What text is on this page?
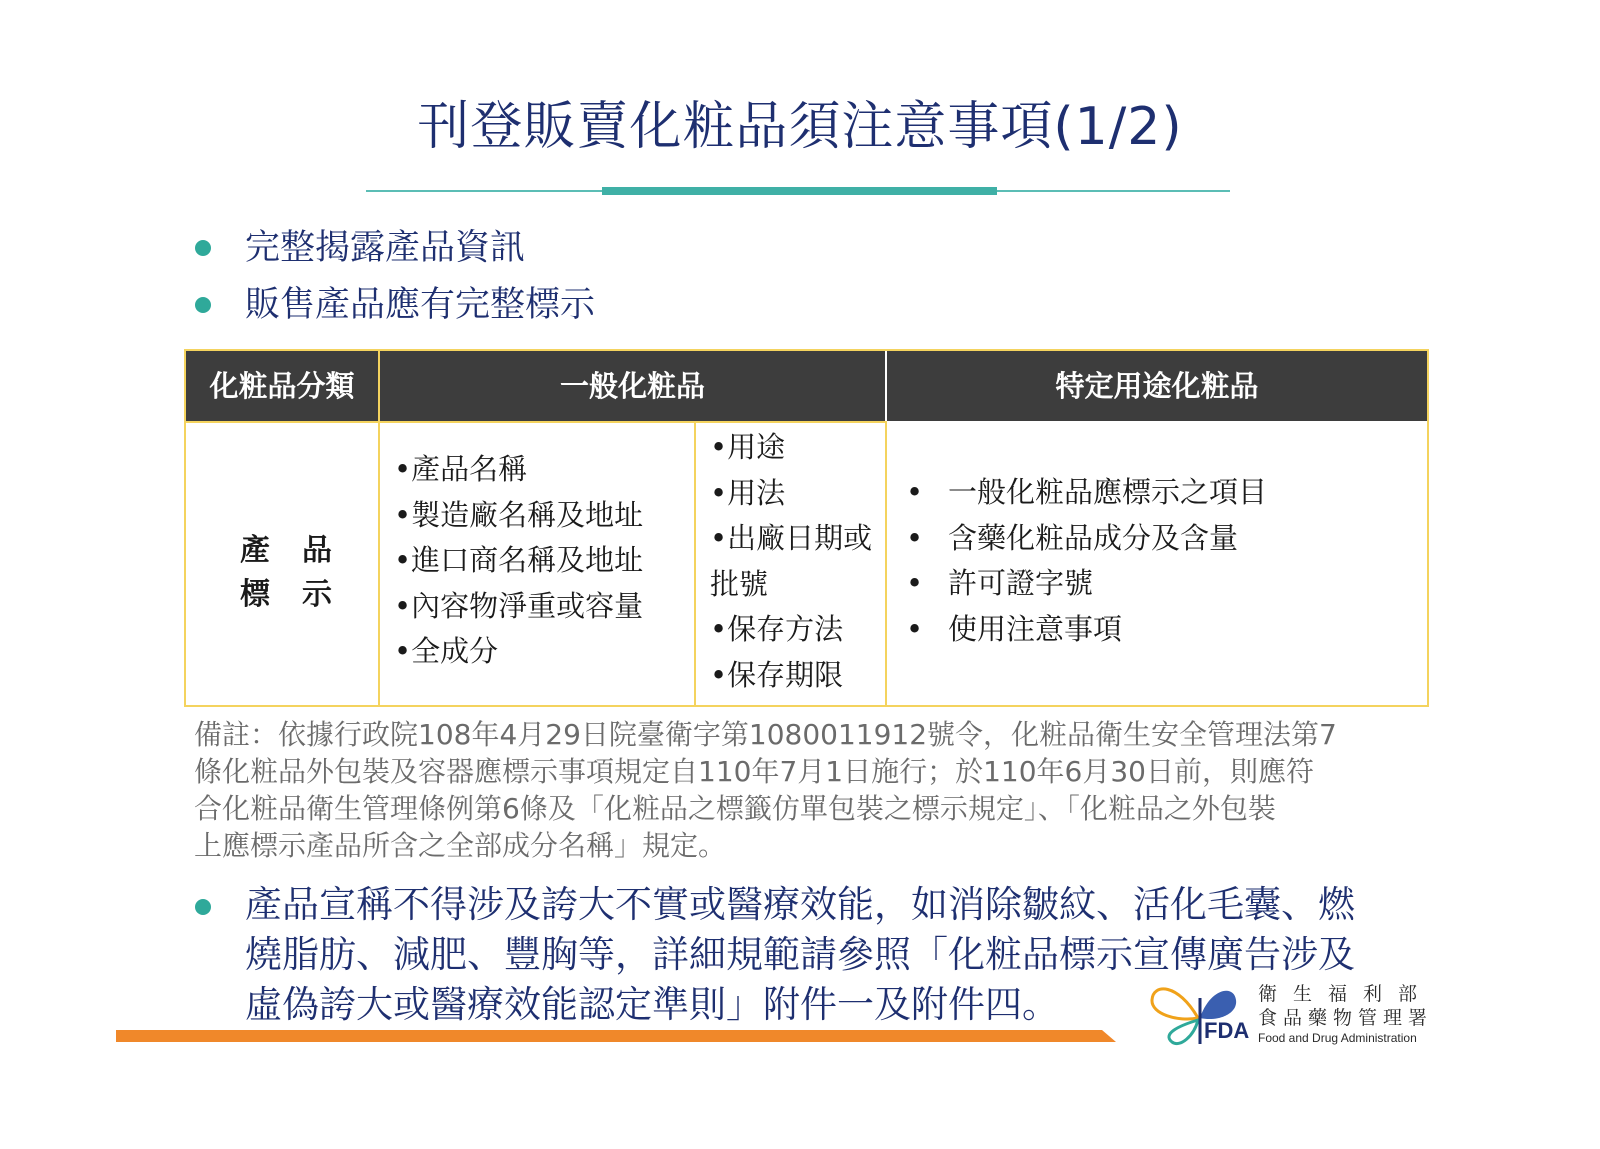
刊登販賣化粧品須注意事項(1/2)
完整揭露產品資訊
販售產品應有完整標示
化粧品分類	一般化粧品	特定用途化粧品
產 品
標 示
•產品名稱
•製造廠名稱及地址
•進口商名稱及地址
•內容物淨重或容量
•全成分
•用途
•用法
•出廠日期或
批號
•保存方法
•保存期限
• 一般化粧品應標示之項目
• 含藥化粧品成分及含量
• 許可證字號
• 使用注意事項
備註：依據行政院108年4月29日院臺衛字第1080011912號令，化粧品衛生安全管理法第7
條化粧品外包裝及容器應標示事項規定自110年7月1日施行；於110年6月30日前，則應符
合化粧品衛生管理條例第6條及「化粧品之標籤仿單包裝之標示規定」、「化粧品之外包裝
上應標示產品所含之全部成分名稱」規定。
產品宣稱不得涉及誇大不實或醫療效能，如消除皺紋、活化毛囊、燃
燒脂肪、減肥、豐胸等，詳細規範請參照「化粧品標示宣傳廣告涉及
虛偽誇大或醫療效能認定準則」附件一及附件四。
FDA
衛生福利部
食品藥物管理署
Food and Drug Administration
